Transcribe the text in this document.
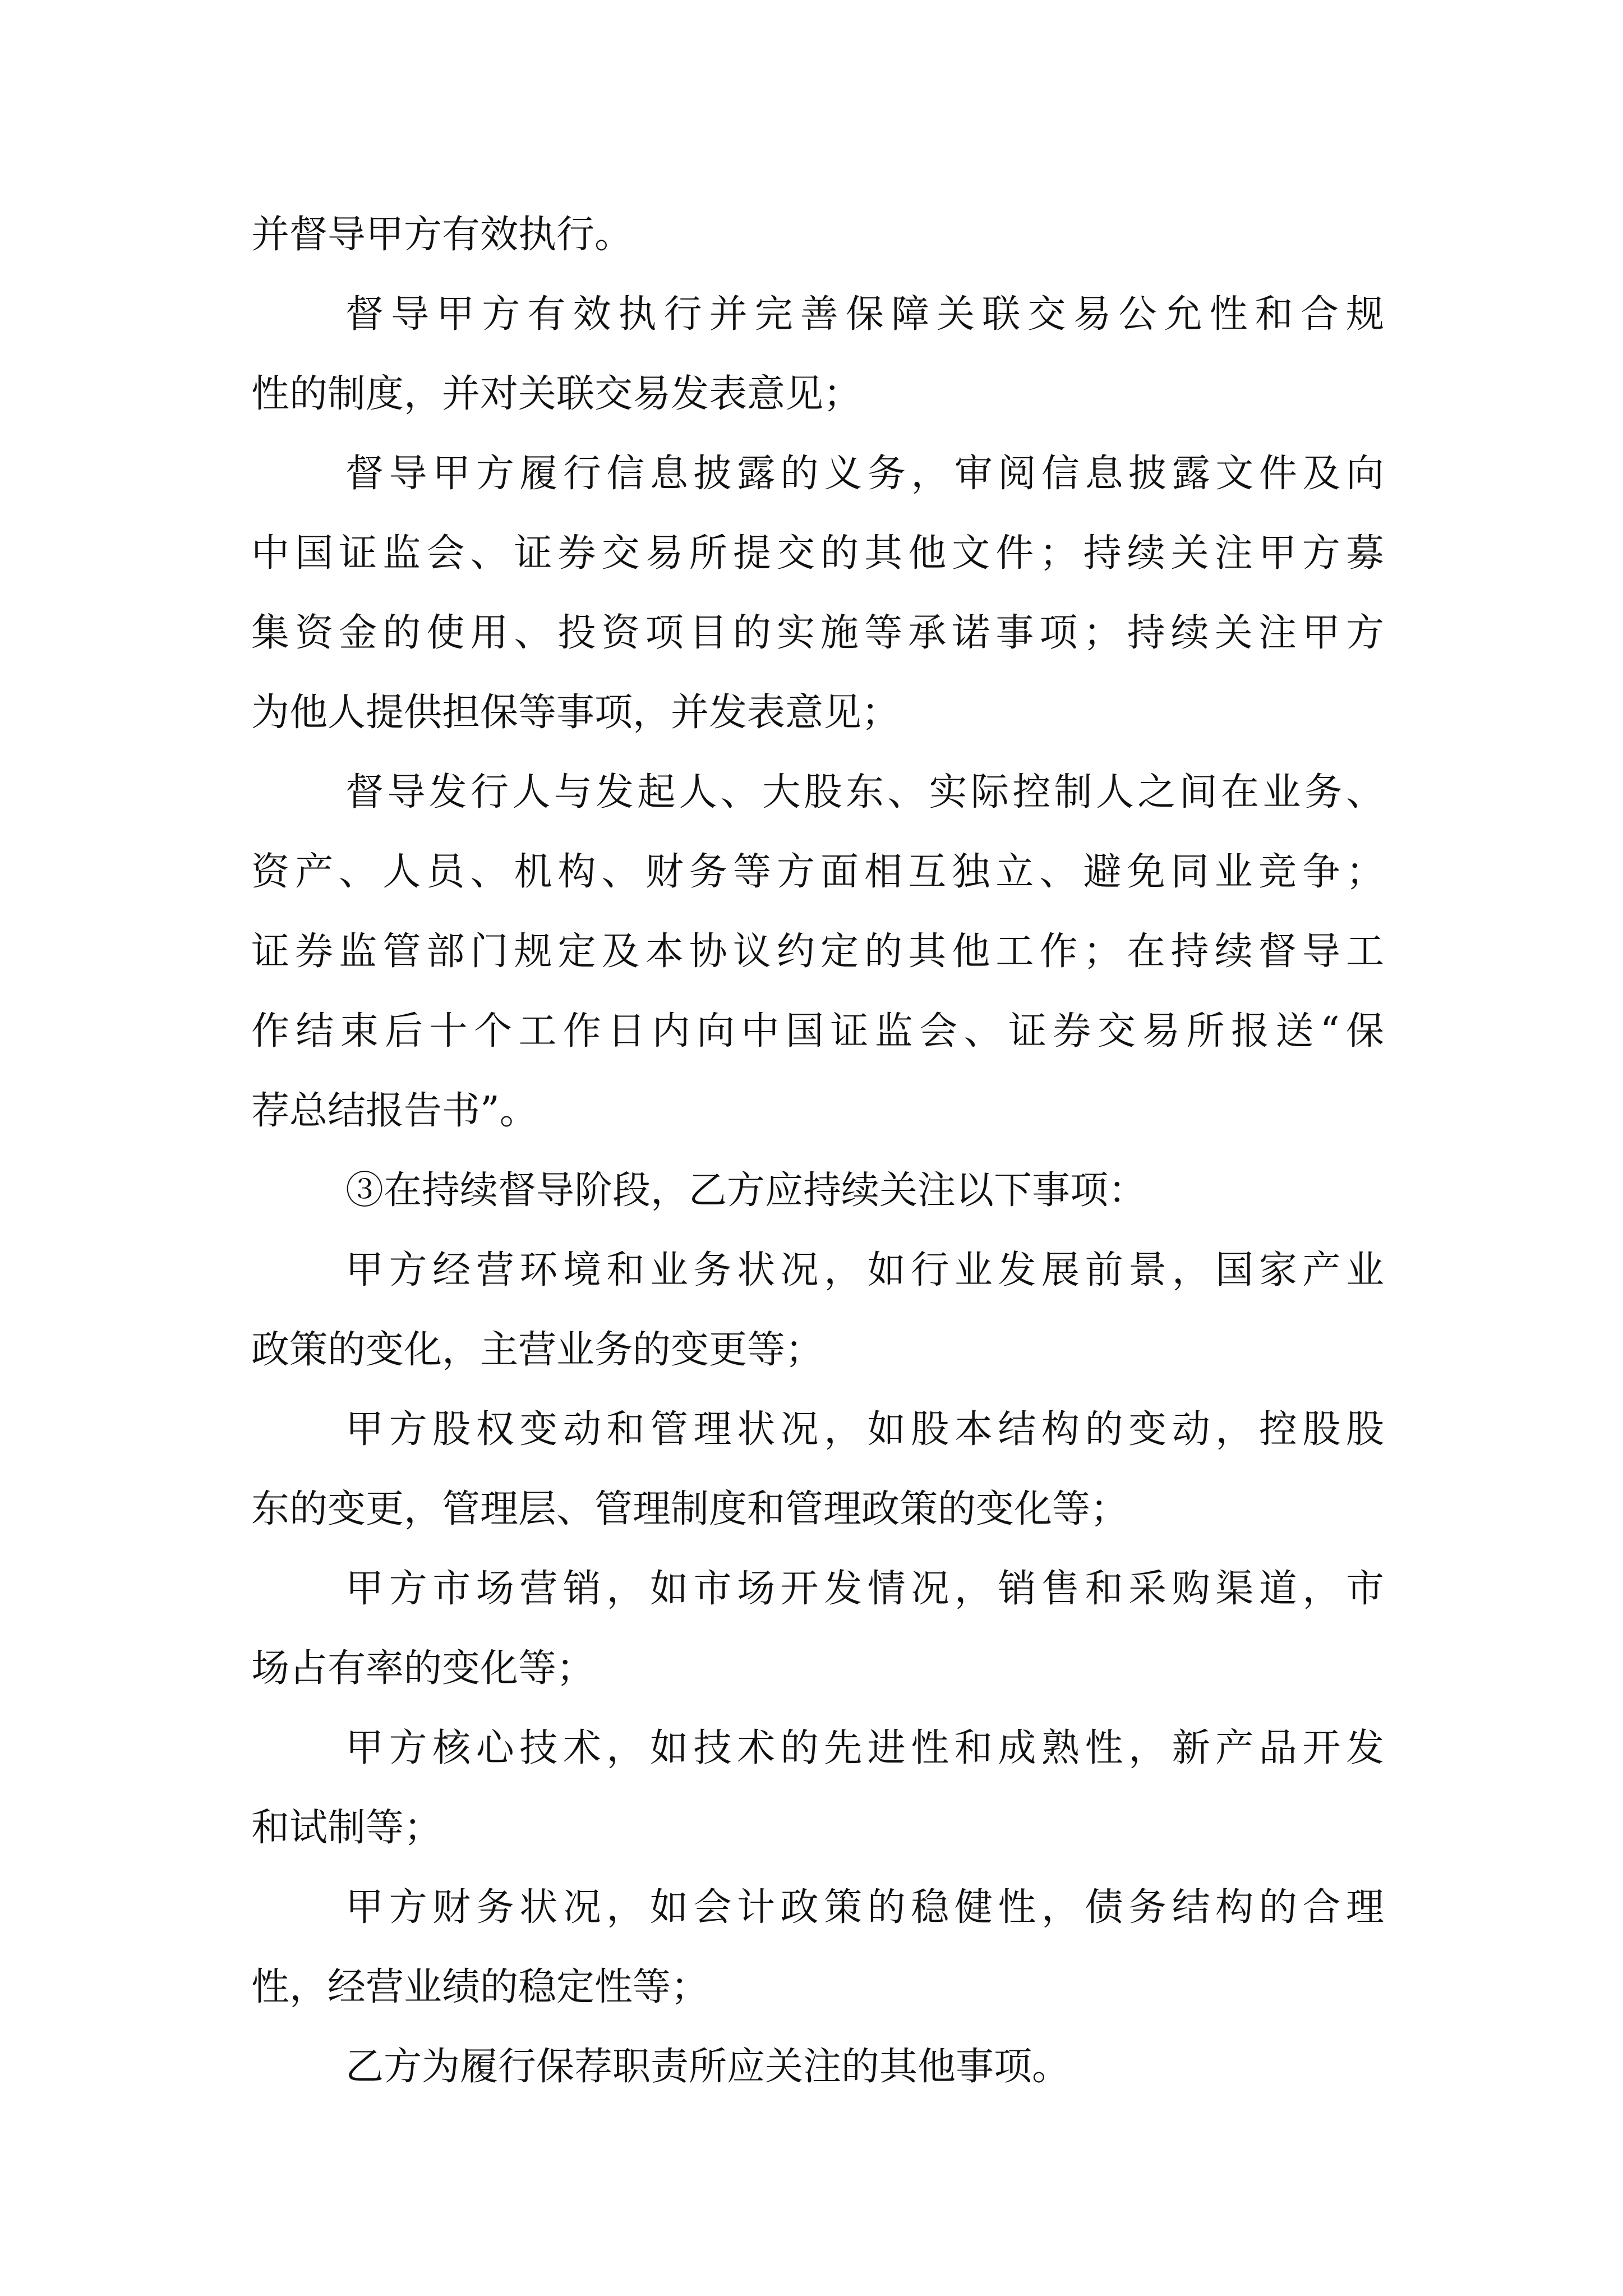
并督导甲方有效执行。
督导甲方有效执行并完善保障关联交易公允性和合规
性的制度，并对关联交易发表意见；
督导甲方履行信息披露的义务，审阅信息披露文件及向
中国证监会、证券交易所提交的其他文件；持续关注甲方募
集资金的使用、投资项目的实施等承诺事项；持续关注甲方
为他人提供担保等事项，并发表意见；
督导发行人与发起人、大股东、实际控制人之间在业务、
资产、人员、机构、财务等方面相互独立、避免同业竞争；
证券监管部门规定及本协议约定的其他工作；在持续督导工
作结束后十个工作日内向中国证监会、证券交易所报送“保
荐总结报告书”。
③在持续督导阶段，乙方应持续关注以下事项：
甲方经营环境和业务状况，如行业发展前景，国家产业
政策的变化，主营业务的变更等；
甲方股权变动和管理状况，如股本结构的变动，控股股
东的变更，管理层、管理制度和管理政策的变化等；
甲方市场营销，如市场开发情况，销售和采购渠道，市
场占有率的变化等；
甲方核心技术，如技术的先进性和成熟性，新产品开发
和试制等；
甲方财务状况，如会计政策的稳健性，债务结构的合理
性，经营业绩的稳定性等；
乙方为履行保荐职责所应关注的其他事项。
